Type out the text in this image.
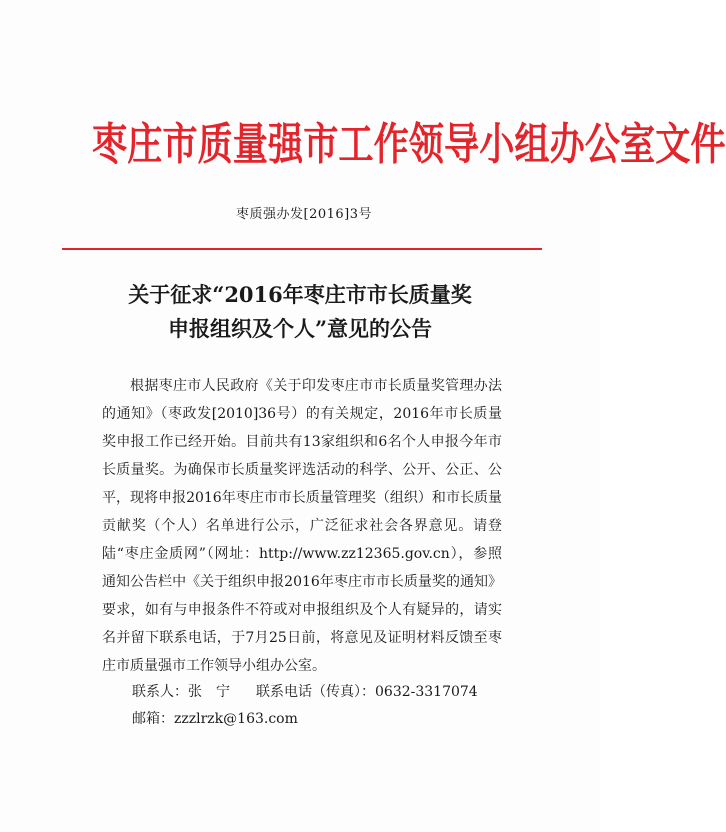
枣庄市质量强市工作领导小组办公室文件
枣质强办发[2016]3号
关于征求“2016年枣庄市市长质量奖
申报组织及个人”意见的公告

根据枣庄市人民政府《关于印发枣庄市市长质量奖管理办法的通知》（枣政发[2010]36号）的有关规定，2016年市长质量奖申报工作已经开始。目前共有13家组织和6名个人申报今年市长质量奖。为确保市长质量奖评选活动的科学、公开、公正、公平，现将申报2016年枣庄市市长质量管理奖（组织）和市长质量贡献奖（个人）名单进行公示，广泛征求社会各界意见。请登陆“枣庄金质网”（网址：http://www.zz12365.gov.cn），参照通知公告栏中《关于组织申报2016年枣庄市市长质量奖的通知》要求，如有与申报条件不符或对申报组织及个人有疑异的，请实名并留下联系电话，于7月25日前，将意见及证明材料反馈至枣庄市质量强市工作领导小组办公室。

联系人：张　宁 联系电话（传真）：0632-3317074
邮箱：zzzlrzk@163.com
